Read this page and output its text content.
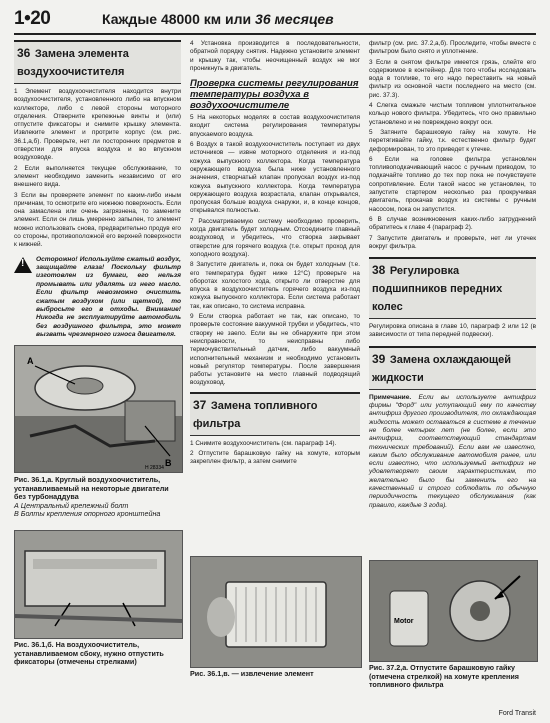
1•20	Каждые 48000 км или 36 месяцев
36 Замена элемента воздухоочистителя

1 Элемент воздухоочистителя находится внутри воздухоочистителя, установленного либо на впускном коллекторе, либо с левой стороны моторного отделения. Отверните крепежные винты и (или) отпустите фиксаторы и снимите крышку элемента. Извлеките элемент и протрите корпус (см. рис. 36.1,а,б). Проверьте, нет ли посторонних предметов в отверстии для впуска воздуха и во впускном воздуховоде.

2 Если выполняется текущее обслуживание, то элемент необходимо заменить независимо от его внешнего вида.

3 Если вы проверяете элемент по каким-либо иным причинам, то осмотрите его нижнюю поверхность. Если она замаслена или очень загрязнена, то замените элемент. Если он лишь умеренно запылен, то элемент можно использовать снова, предварительно продув его со стороны, противоположной его верхней поверхности к нижней.

!
Осторожно! Используйте сжатый воздух, защищайте глаза! Поскольку фильтр изготовлен из бумаги, его нельзя промывать или удалять из него масло. Если фильтр невозможно очистить сжатым воздухом (или щеткой), то выбросьте его в отходы. Внимание! Никогда не эксплуатируйте автомобиль без воздушного фильтра, это может вызвать чрезмерного износа двигателя.
A
B
H 28334
Рис. 36.1,а. Круглый воздухоочиститель, устанавливаемый на некоторые двигатели без турбонаддува
А Центральный крепежный болт
В Болты крепления опорного кронштейна
Рис. 36.1,б. На воздухоочиститель, устанавливаемом сбоку, нужно отпустить фиксаторы (отмечены стрелками)

4 Установка производится в последовательности, обратной порядку снятия. Надежно установите элемент и крышку так, чтобы неочищенный воздух не мог проникнуть в двигатель.

Проверка системы регулирования температуры воздуха в воздухоочистителе

5 На некоторых моделях в состав воздухоочистителя входит система регулирования температуры впускаемого воздуха.

6 Воздух в такой воздухоочиститель поступает из двух источников — извне моторного отделения и из-под кожуха выпускного коллектора. Когда температура окружающего воздуха была ниже установленного значения, створчатый клапан пропускал воздух из-под кожуха выпускного коллектора. Когда температура окружающего воздуха возрастала, клапан открывался, пропуская больше воздуха снаружи, и, в конце концов, открывался полностью.

7 Рассматриваемую систему необходимо проверить, когда двигатель будет холодным. Отсоедините главный воздуховод и убедитесь, что створка закрывает отверстие для горячего воздуха (т.е. открыт проход для холодного воздуха).

8 Запустите двигатель и, пока он будет холодным (т.е. его температура будет ниже 12°С) проверьте на оборотах холостого хода, открыто ли отверстие для впуска в воздухоочиститель горячего воздуха из-под кожуха выпускного коллектора. Если система работает так, как описано, то система исправна.

9 Если створка работает не так, как описано, то проверьте состояние вакуумной трубки и убедитесь, что створку не заело. Если вы не обнаружите при этом неисправности, то неисправны либо термочувствительный датчик, либо вакуумный исполнительный механизм и необходимо установить новый регулятор температуры. После завершения работы установите на место главный подводящий воздуховод.

37 Замена топливного фильтра

1 Снимите воздухоочиститель (см. параграф 14).

2 Отпустите барашковую гайку на хомуте, которым закреплен фильтр, а затем снимите

Рис. 36.1,в. — извлечение элемент

фильтр (см. рис. 37.2,а,б). Проследите, чтобы вместе с фильтром было снято и уплотнение.

3 Если в снятом фильтре имеется грязь, слейте его содержимое в контейнер. Для того чтобы исследовать вода в топливе, то его надо переставить на новый фильтр из основной части последнего на место (см. рис. 37.3).

4 Слегка смажьте чистым топливом уплотнительное кольцо нового фильтра. Убедитесь, что оно правильно установлено и не повреждено вокруг оси.

5 Затяните барашковую гайку на хомуте. Не перетягивайте гайку, т.к. естественно фильтр будет деформирован, то это приведет к утечке.

6 Если на головке фильтра установлен топливоподкачивающий насос с ручным приводом, то подкачайте топливо до тех пор пока не почувствуете сопротивление. Если такой насос не установлен, то запустите стартером несколько раз прокручивая двигатель, прокачав воздух из системы с ручным насосом, пока он запустится.

6 В случае возникновения каких-либо затруднений обратитесь к главе 4 (параграф 2).

7 Запустите двигатель и проверьте, нет ли утечек вокруг фильтра.

38 Регулировка подшипников передних колес

Регулировка описана в главе 10, параграф 2 или 12 (в зависимости от типа передней подвески).

39 Замена охлаждающей жидкости
Примечание. Если вы используете антифриз фирмы "Форд" или уступающий ему по качеству антифриз другого производителя, то охлаждающая жидкость может оставаться в системе в течение не более четырех лет (не более, если это антифриз, соответствующий стандартам технических требований). Если вам не известно, каким было обслуживание автомобиля ранее, или если известно, что используемый антифриз не удовлетворяет своим характеристикам, то желательно было бы заменить его на качественный и строго соблюдать по обычную периодичность текущего обслуживания (как правило, каждые 3 года).
Motor
Рис. 37.2,а. Отпустите барашковую гайку (отмечена стрелкой) на хомуте крепления топливного фильтра
Ford Transit
